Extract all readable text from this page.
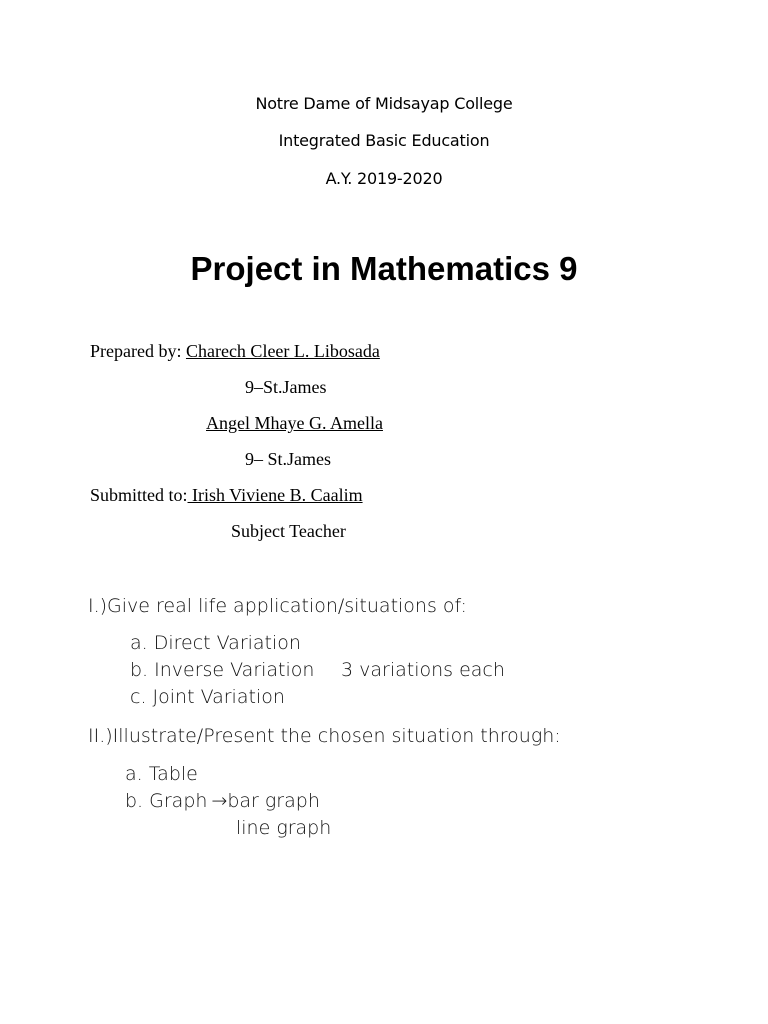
Notre Dame of Midsayap College
Integrated Basic Education
A.Y. 2019-2020
Project in Mathematics 9
Prepared by: Charech Cleer L. Libosada
9–St.James
Angel Mhaye G. Amella
9– St.James
Submitted to: Irish Viviene B. Caalim
Subject Teacher
I.)Give real life application/situations of:
a. Direct Variation
b. Inverse Variation 3 variations each
c. Joint Variation
II.)Illustrate/Present the chosen situation through:
a. Table
b. Graph →bar graph
line graph
